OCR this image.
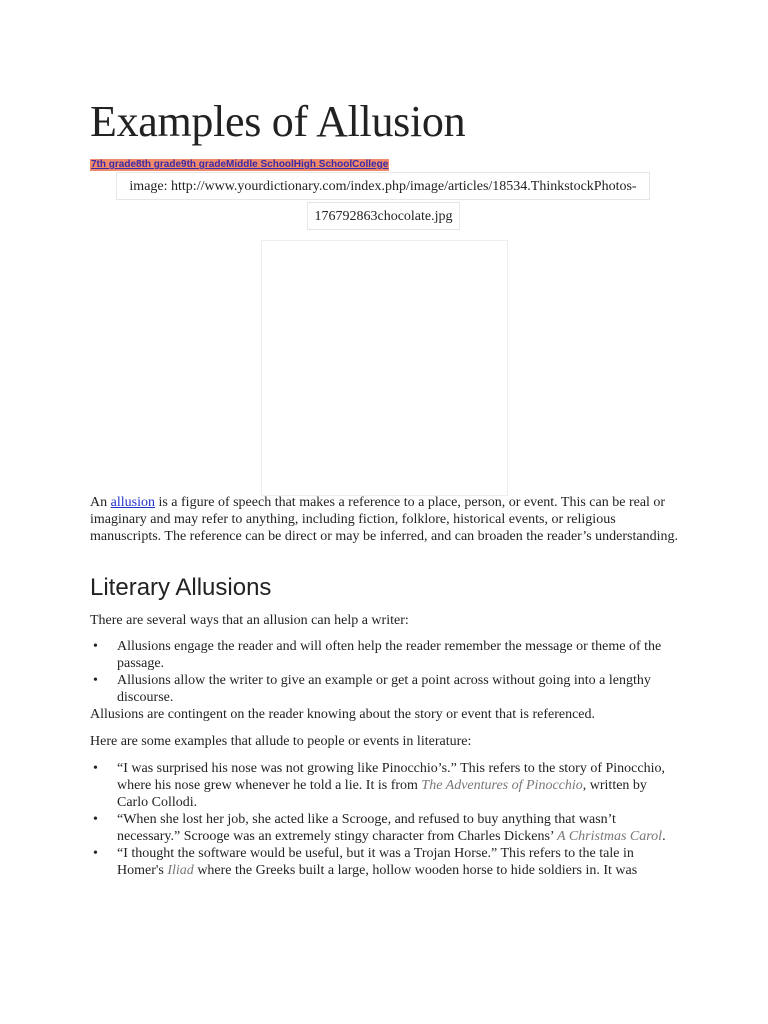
Examples of Allusion
7th grade8th grade9th gradeMiddle SchoolHigh SchoolCollege
image: http://www.yourdictionary.com/index.php/image/articles/18534.ThinkstockPhotos-
176792863chocolate.jpg

An allusion is a figure of speech that makes a reference to a place, person, or event. This can be real or imaginary and may refer to anything, including fiction, folklore, historical events, or religious manuscripts. The reference can be direct or may be inferred, and can broaden the reader’s understanding.

Literary Allusions

There are several ways that an allusion can help a writer:

• Allusions engage the reader and will often help the reader remember the message or theme of the passage.
• Allusions allow the writer to give an example or get a point across without going into a lengthy discourse.

Allusions are contingent on the reader knowing about the story or event that is referenced.

Here are some examples that allude to people or events in literature:

• “I was surprised his nose was not growing like Pinocchio’s.” This refers to the story of Pinocchio, where his nose grew whenever he told a lie. It is from The Adventures of Pinocchio, written by Carlo Collodi.
• “When she lost her job, she acted like a Scrooge, and refused to buy anything that wasn’t necessary.” Scrooge was an extremely stingy character from Charles Dickens’ A Christmas Carol.
• “I thought the software would be useful, but it was a Trojan Horse.” This refers to the tale in Homer's Iliad where the Greeks built a large, hollow wooden horse to hide soldiers in. It was
